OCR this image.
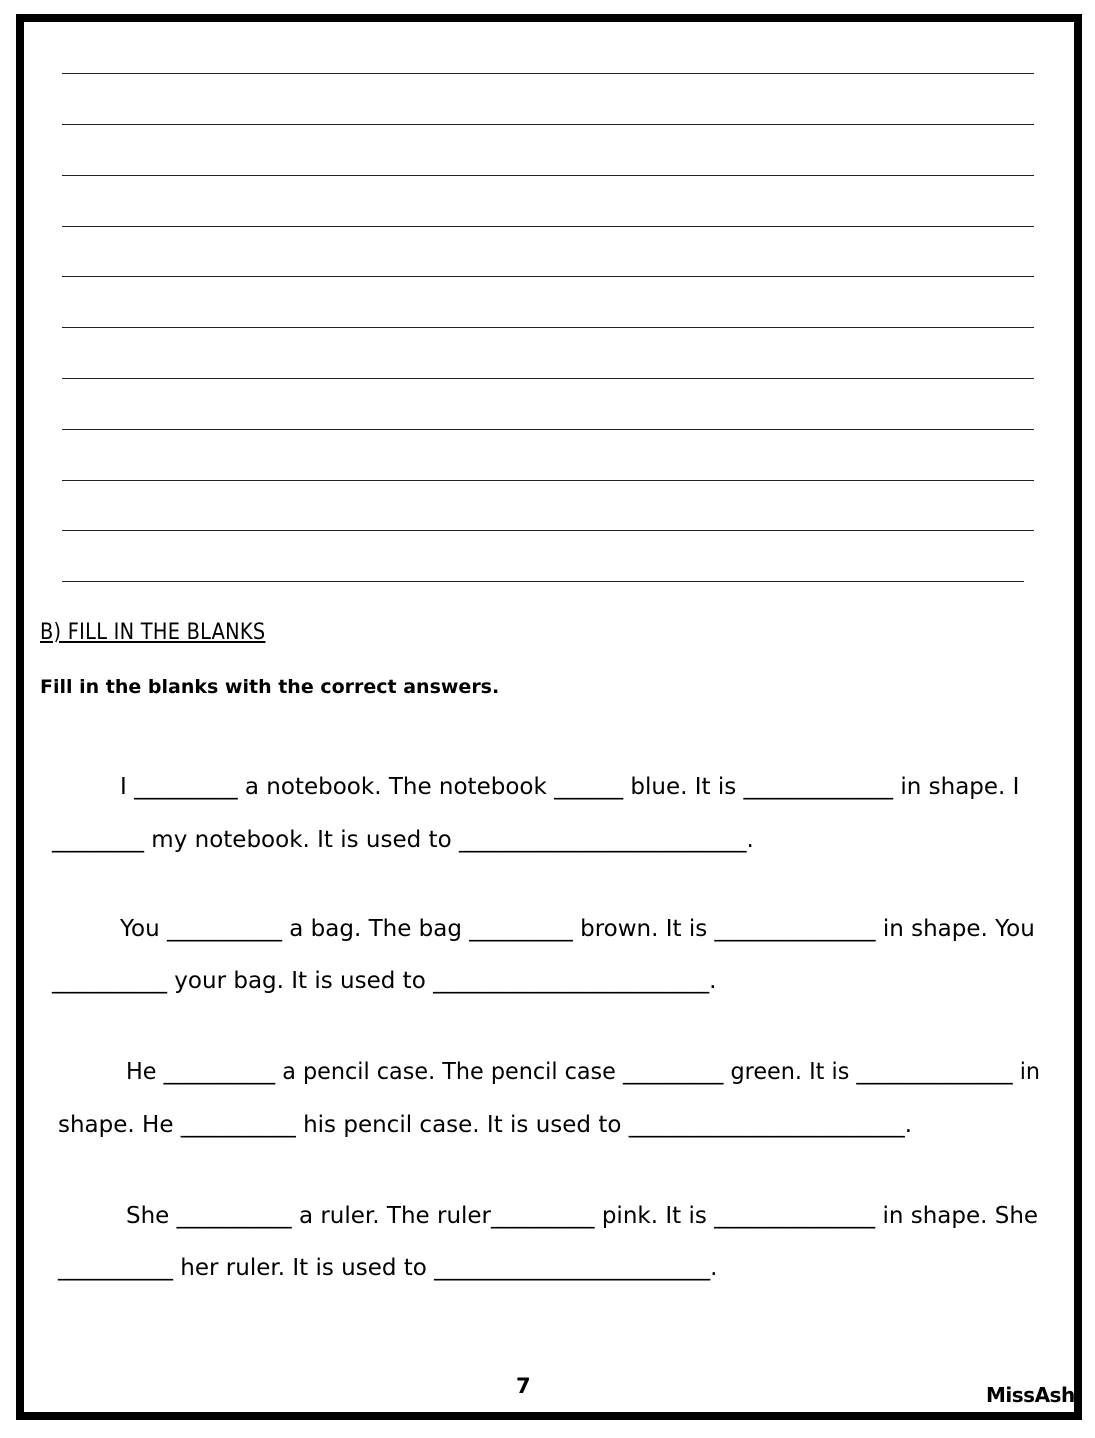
B) FILL IN THE BLANKS
Fill in the blanks with the correct answers.
I _________ a notebook. The notebook ______ blue. It is _____________ in shape. I
________ my notebook. It is used to _________________________.
You __________ a bag. The bag _________ brown. It is ______________ in shape. You
__________ your bag. It is used to ________________________.
He __________ a pencil case. The pencil case _________ green. It is ______________ in
shape. He __________ his pencil case. It is used to ________________________.
She __________ a ruler. The ruler_________ pink. It is ______________ in shape. She
__________ her ruler. It is used to ________________________.
7	MissAsh
